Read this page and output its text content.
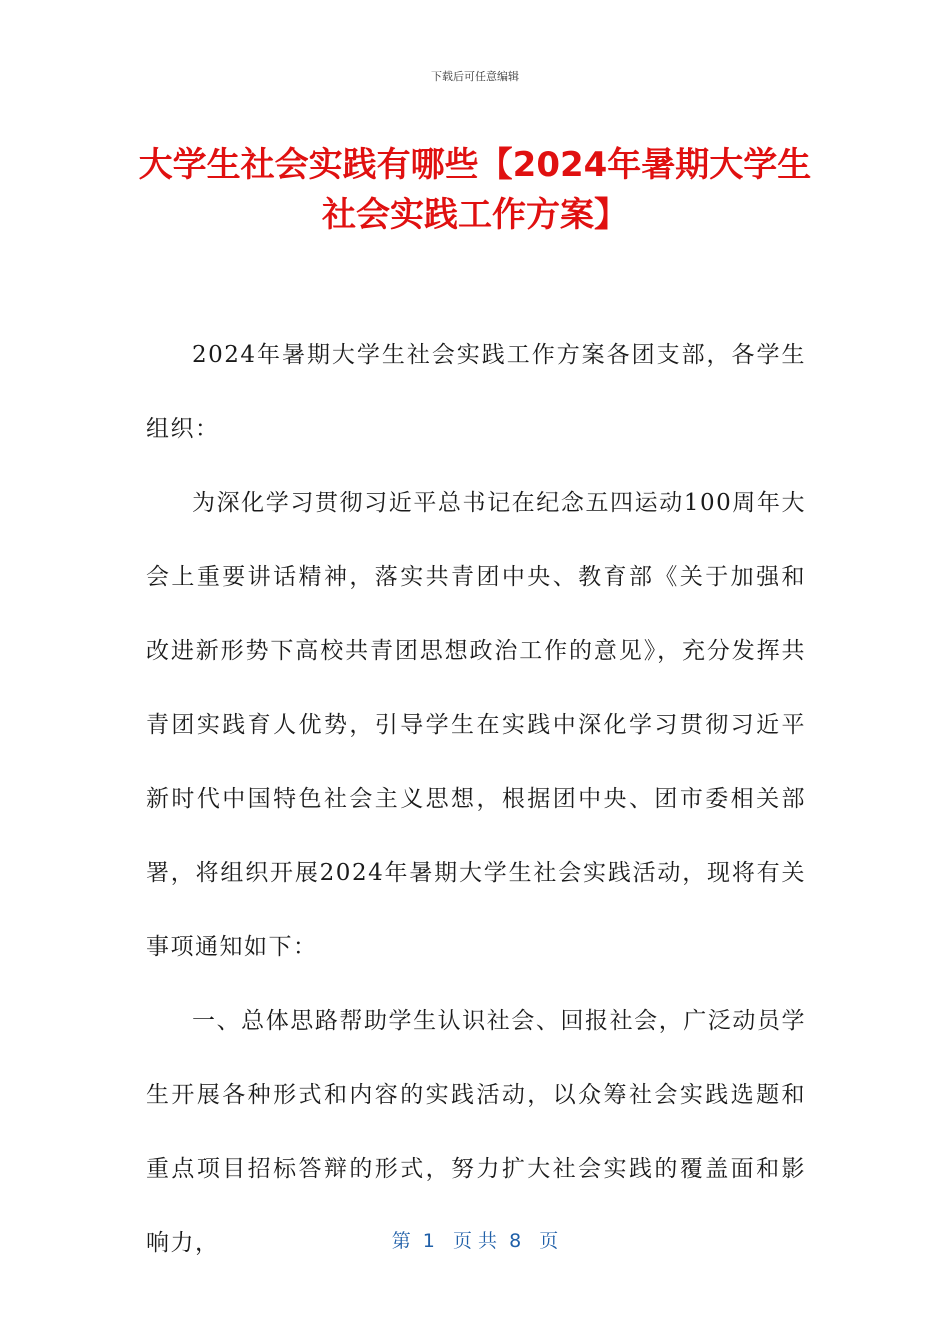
下载后可任意编辑
大学生社会实践有哪些【2024年暑期大学生
社会实践工作方案】

2024年暑期大学生社会实践工作方案各团支部，各学生组织：

为深化学习贯彻习近平总书记在纪念五四运动100周年大会上重要讲话精神，落实共青团中央、教育部《关于加强和改进新形势下高校共青团思想政治工作的意见》，充分发挥共青团实践育人优势，引导学生在实践中深化学习贯彻习近平新时代中国特色社会主义思想，根据团中央、团市委相关部署，将组织开展2024年暑期大学生社会实践活动，现将有关事项通知如下：

一、总体思路帮助学生认识社会、回报社会，广泛动员学生开展各种形式和内容的实践活动，以众筹社会实践选题和重点项目招标答辩的形式，努力扩大社会实践的覆盖面和影响力，	第  1   页 共  8   页
